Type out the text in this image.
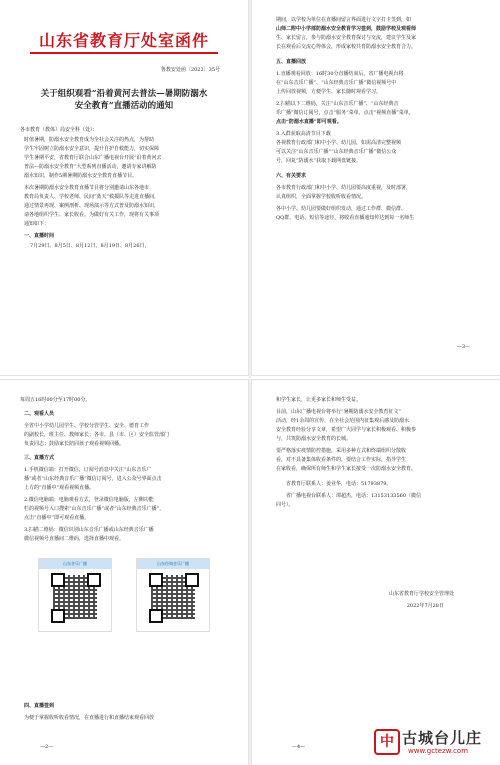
山东省教育厅处室函件
鲁教安处函〔2022〕35号
关于组织观看“沿着黄河去普法—暑期防溺水
安全教育”直播活动的通知
各市教育（教体）局安全科（处）：
时值暑期，防溺水安全教育成为全社会关注的热点，为帮助
学生牢固树立防溺水安全意识，提升自护自救能力，切实保障
学生暑期平安，省教育厅联合山东广播电视台开展“沿着黄河去
普法—防溺水安全教育”大型系列直播活动，邀请专家讲解防
溺水知识，制作5期暑期防溺水安全教育直播节目。
本次暑期防溺水安全教育直播节目将分别邀请山东各地市
教育局负责人、学校老师、民间“蓝天”救援队等走进直播间，
通过情景再现、案例剖析、现场演示等方式普及防溺水知识，
请各地组织学生、家长收看。为做好有关工作，现将有关事项
通知如下：
一、直播时间
7月29日、8月5日、8月12日、8月19日、8月26日，
期间，以学校为单位在直播间留言界面进行文字打卡签到，如
山师二附中小学部防溺水安全教育学习签到，鼓励学校及观看师
生、家长留言，参与防溺水安全教育探讨与交流，建议学生及家
长在观看后交流心得体会，形成家校共育防溺水安全教育合力。
五、直播回放
1.直播观看回放：16时30分直播结束后，省广播电视台将
在“山东音乐广播”、“山东经典音乐广播”微信视频号中
上传回放视频，方便学生、家长随时观看学习。
2.扫描以下二维码，关注“山东音乐广播”、“山东经典音
乐广播”微信订阅号，点击“服务”菜单，点击“视频直播”菜单，
点击“防溺水直播”即可观看。
3.入群获取高清节目下载
各视教育行政部门和中小学、幼儿园，如需高清完整视频
可以关注“山东音乐广播”“山东经典音乐广播”微信公众
号，回复“防溺水”获取下载网盘链接。
六、有关要求
各市教育行政部门和中小学、幼儿园要高度重视，及时部署，
认真组织，全面掌握学校收听收看情况。
各中小学、幼儿园要做好组织发动，通过工作群、微信群、
QQ群、电话、短信等途径，将收看直播通知传达到每一名师生
—3—
每周五16时00分至17时00分。
二、观看人员
全省中小学幼儿园学生、学校分管学生、安全、德育工作
的副校长，班主任、教师家长；各市、县（市、区）安全监管部门
负责同志；鼓励家长陪同孩子观看视频回播。
三、直播方式
1.手机微信端：打开微信，订阅号消息中关注“山东音乐广
播”或者“山东经典音乐广播”微信订阅号，进入公众号界面点击
上方的“直播中”观看视频直播。
2.微信电脑端：电脑观看方式，登录微信电脑版，左侧功能
栏的视频号入口搜索“山东音乐广播”或者“山东经典音乐广播”，
点击“直播中”即可观看直播。
3.扫描二维码：微信识别山东音乐广播或山东经典音乐广播
微信视频号直播间二维码，选择直播中观看。
山东音乐广播	山东经典音乐广播
四、直播签到
为便于掌握收听收看情况，在直播进行和直播结束观看回放
—2—
和学生家长，让更多家长和师生受益。
目前，山东广播电视台将举行“暑期防溺水安全教育征文”
活动，经1余周的宣传，在全社会范围内征集观后感及防溺水
安全教育经验分享文章，希望广大同学与家长积极观看、积极参
与，共筑防溺水安全教育的长城。
要严格落实疫情防控措施，采用多种方式和终端组织分散收
看，对不具备集体收看条件的，要结合工作实际，指导学生
在家收看，确保所有师生和学生家长接受一次防溺水安全教育。
省教育厅联系人：姜业华，电话：51793879。
省广播电视台联系人：谭超杰，电话：13153133560（微信
同号）。
山东省教育厅学校安全管理处
2022年7月28日
—4—	中 古城台儿庄
www.gctezw.com
